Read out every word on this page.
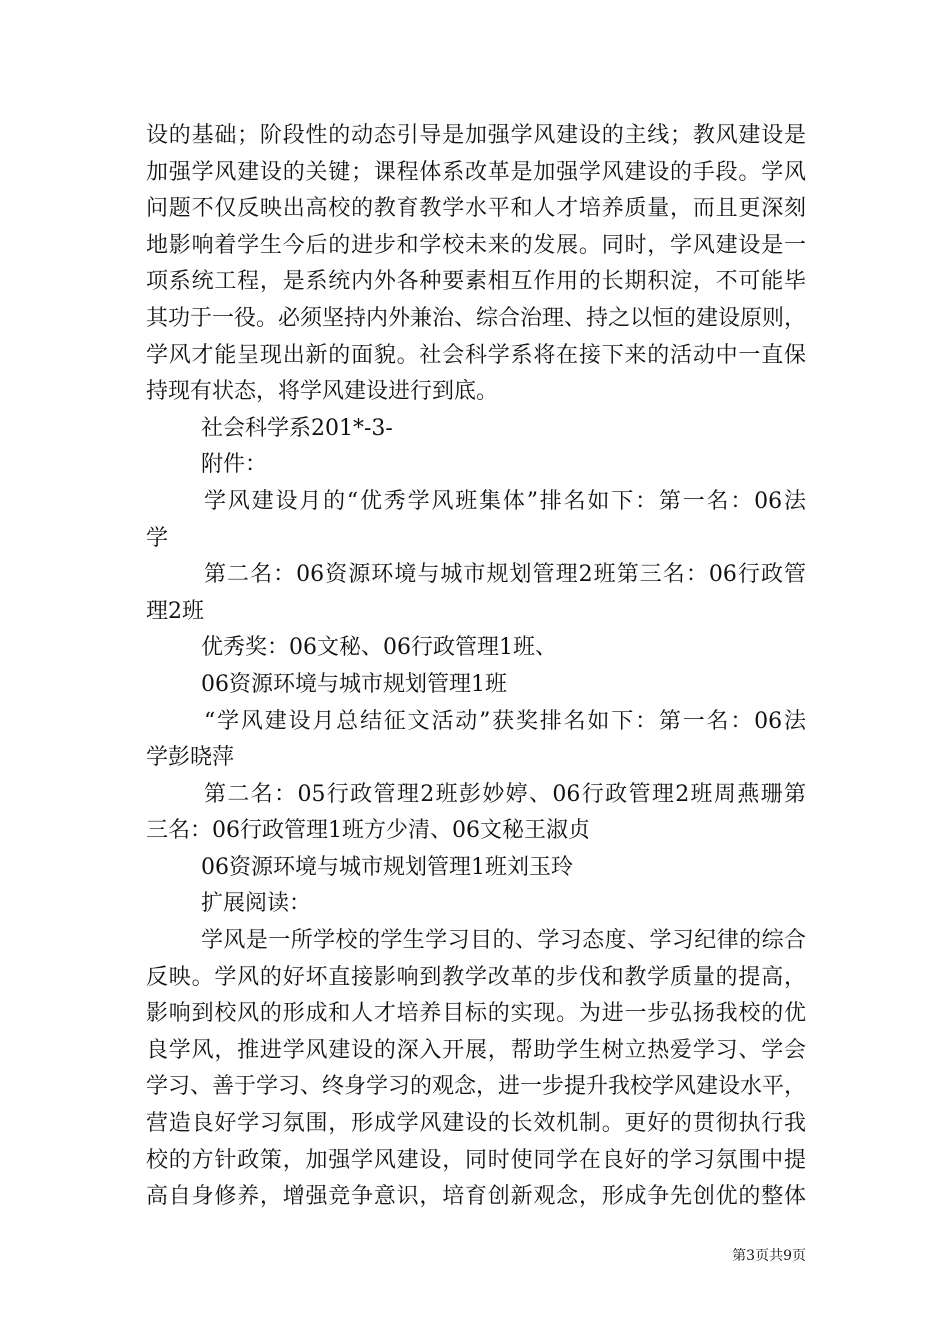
设的基础；阶段性的动态引导是加强学风建设的主线；教风建设是
加强学风建设的关键；课程体系改革是加强学风建设的手段。学风
问题不仅反映出高校的教育教学水平和人才培养质量，而且更深刻
地影响着学生今后的进步和学校未来的发展。同时，学风建设是一
项系统工程，是系统内外各种要素相互作用的长期积淀，不可能毕
其功于一役。必须坚持内外兼治、综合治理、持之以恒的建设原则，
学风才能呈现出新的面貌。社会科学系将在接下来的活动中一直保
持现有状态，将学风建设进行到底。
社会科学系201*-3-
附件：
学风建设月的“优秀学风班集体”排名如下：第一名：06法
学
第二名：06资源环境与城市规划管理2班第三名：06行政管
理2班
优秀奖：06文秘、06行政管理1班、
06资源环境与城市规划管理1班
“学风建设月总结征文活动”获奖排名如下：第一名：06法
学彭晓萍
第二名：05行政管理2班彭妙婷、06行政管理2班周燕珊第
三名：06行政管理1班方少清、06文秘王淑贞
06资源环境与城市规划管理1班刘玉玲
扩展阅读：
学风是一所学校的学生学习目的、学习态度、学习纪律的综合
反映。学风的好坏直接影响到教学改革的步伐和教学质量的提高，
影响到校风的形成和人才培养目标的实现。为进一步弘扬我校的优
良学风，推进学风建设的深入开展，帮助学生树立热爱学习、学会
学习、善于学习、终身学习的观念，进一步提升我校学风建设水平，
营造良好学习氛围，形成学风建设的长效机制。更好的贯彻执行我
校的方针政策，加强学风建设，同时使同学在良好的学习氛围中提
高自身修养，增强竞争意识，培育创新观念，形成争先创优的整体
第3页共9页
